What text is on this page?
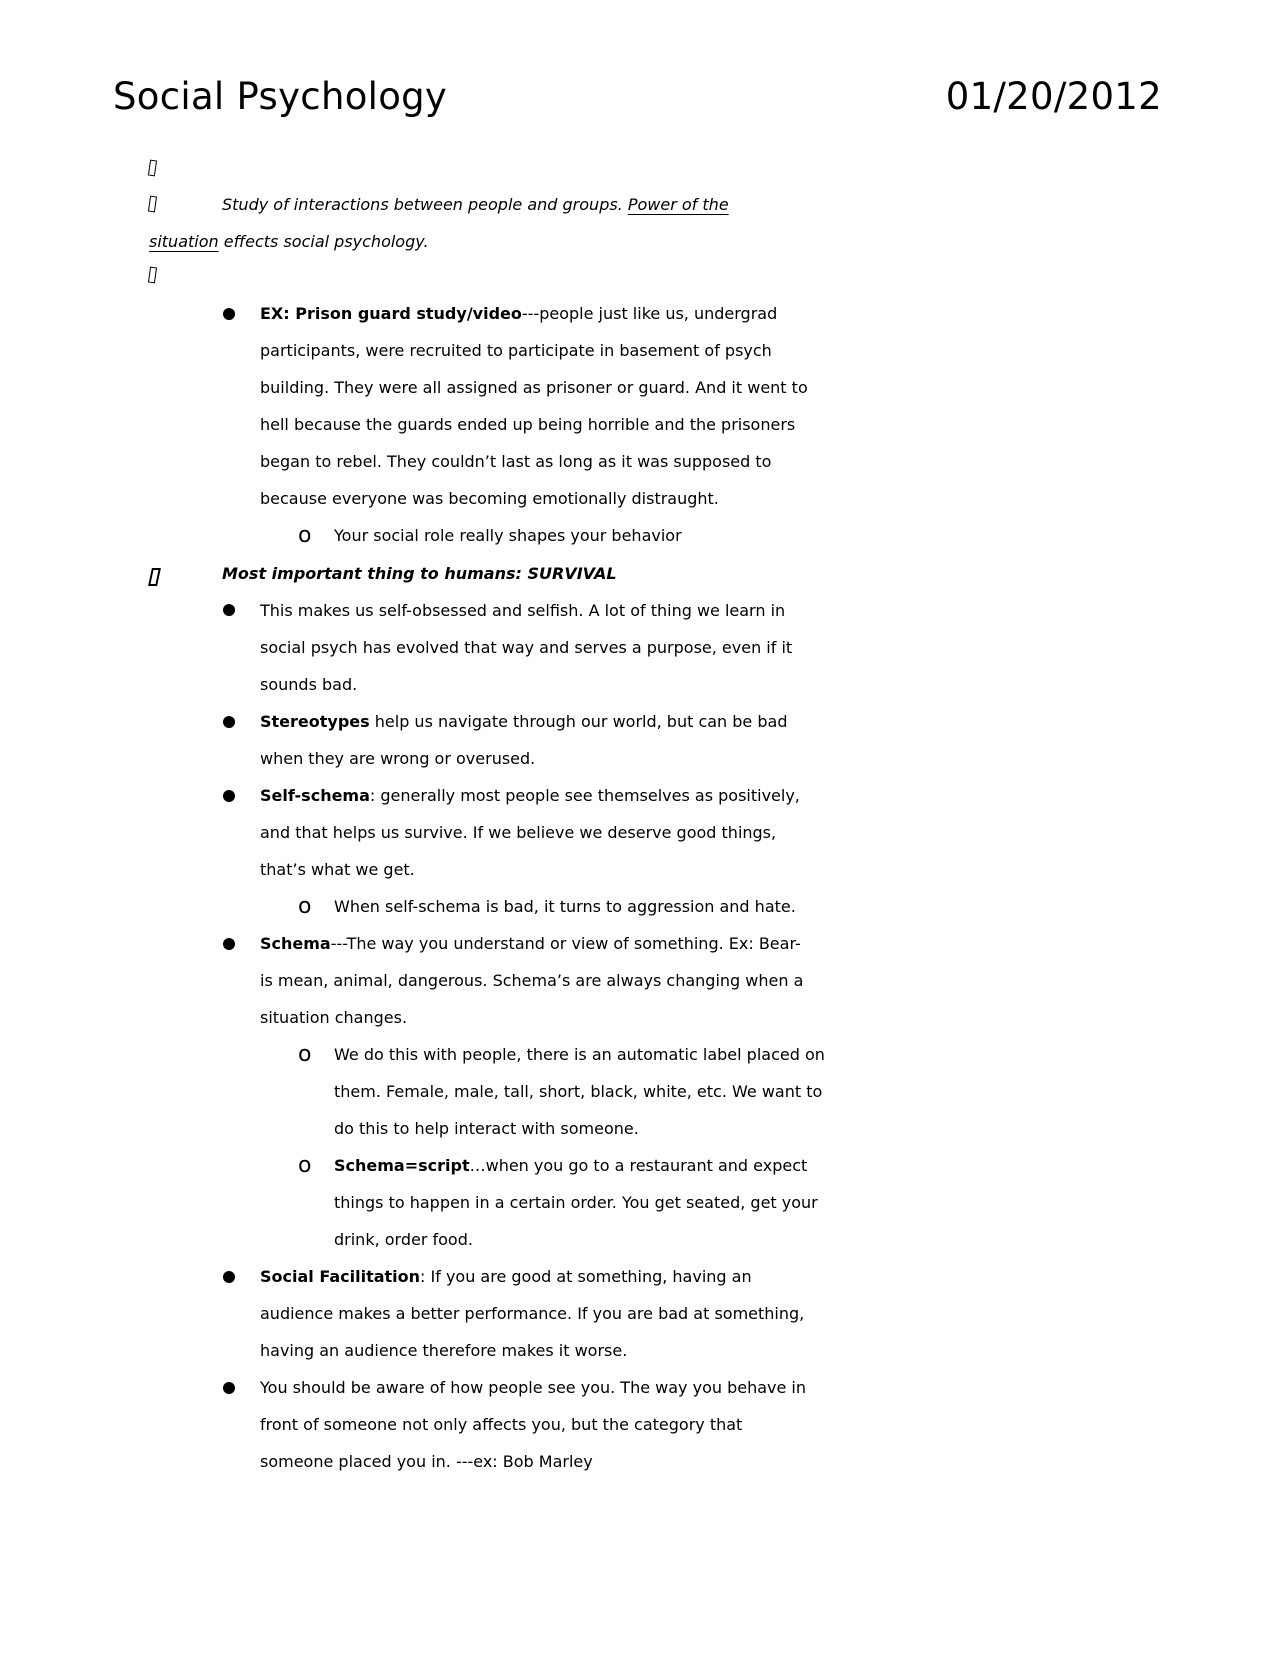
Social Psychology	01/20/2012
Study of interactions between people and groups. Power of the
situation effects social psychology.
EX: Prison guard study/video---people just like us, undergrad
participants, were recruited to participate in basement of psych
building. They were all assigned as prisoner or guard. And it went to
hell because the guards ended up being horrible and the prisoners
began to rebel. They couldn’t last as long as it was supposed to
because everyone was becoming emotionally distraught.
o Your social role really shapes your behavior
Most important thing to humans: SURVIVAL
This makes us self-obsessed and selfish. A lot of thing we learn in
social psych has evolved that way and serves a purpose, even if it
sounds bad.
Stereotypes help us navigate through our world, but can be bad
when they are wrong or overused.
Self-schema: generally most people see themselves as positively,
and that helps us survive. If we believe we deserve good things,
that’s what we get.
o When self-schema is bad, it turns to aggression and hate.
Schema---The way you understand or view of something. Ex: Bear-
is mean, animal, dangerous. Schema’s are always changing when a
situation changes.
o We do this with people, there is an automatic label placed on
them. Female, male, tall, short, black, white, etc. We want to
do this to help interact with someone.
o Schema=script…when you go to a restaurant and expect
things to happen in a certain order. You get seated, get your
drink, order food.
Social Facilitation: If you are good at something, having an
audience makes a better performance. If you are bad at something,
having an audience therefore makes it worse.
You should be aware of how people see you. The way you behave in
front of someone not only affects you, but the category that
someone placed you in. ---ex: Bob Marley
